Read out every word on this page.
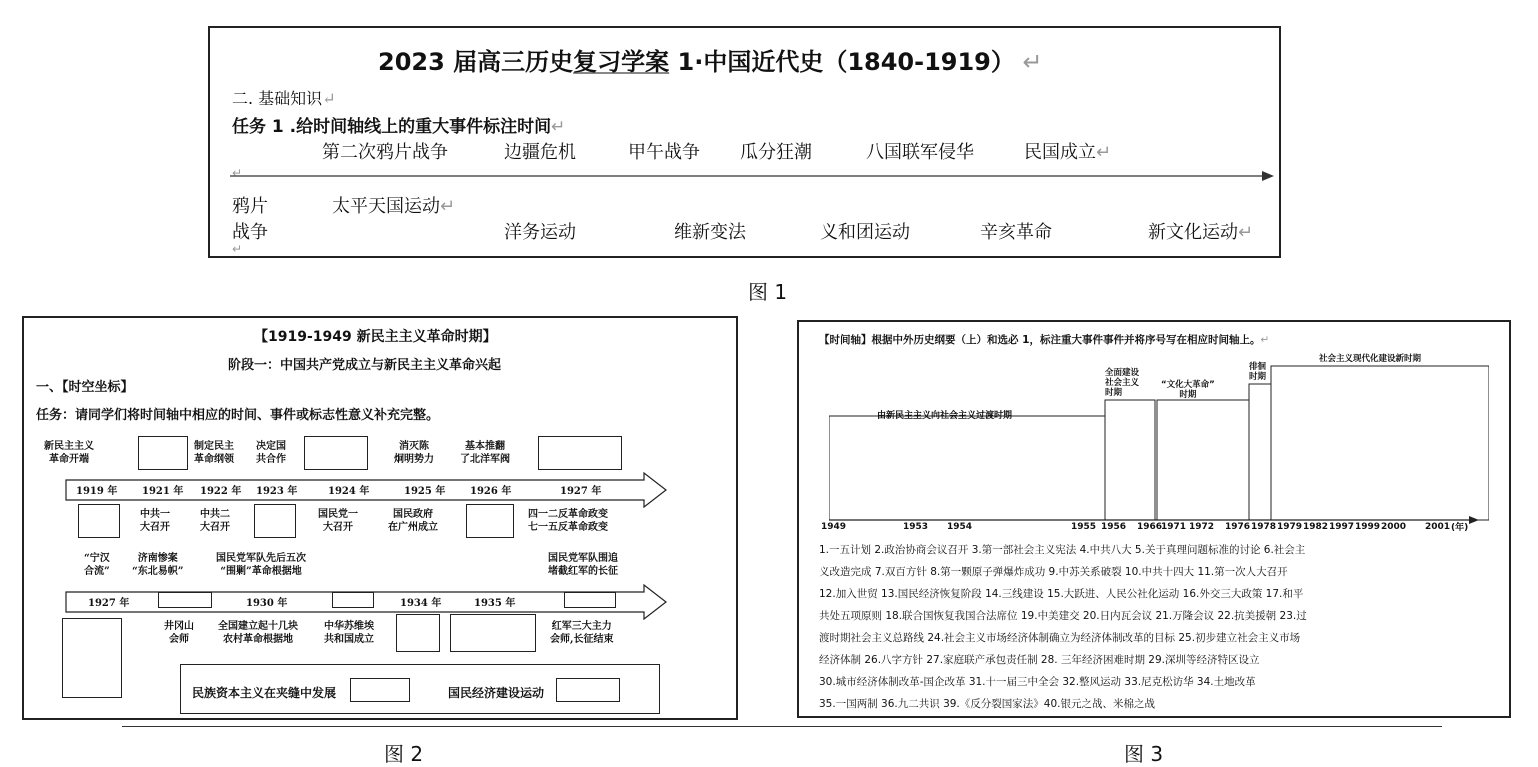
2023 届高三历史复习学案 1·中国近代史（1840-1919） ↵
二. 基础知识↵
任务 1 .给时间轴线上的重大事件标注时间↵
第二次鸦片战争	边疆危机	甲午战争 瓜分狂潮	八国联军侵华	民国成立↵
↵
鸦片	太平天国运动↵
战争	洋务运动	维新变法	义和团运动	辛亥革命	新文化运动↵
↵
图 1
【1919-1949 新民主主义革命时期】
阶段一：中国共产党成立与新民主主义革命兴起
一、【时空坐标】
任务：请同学们将时间轴中相应的时间、事件或标志性意义补充完整。
新民主主义
革命开端
制定民主
革命纲领
决定国
共合作
消灭陈
炯明势力
基本推翻
了北洋军阀
1919 年 1921 年 1922 年 1923 年	1924 年	1925 年 1926 年	1927 年
中共一
大召开
中共二
大召开
国民党一
大召开
国民政府
在广州成立
四一二反革命政变
七一五反革命政变
“宁汉
合流”
济南惨案
“东北易帜”
国民党军队先后五次
“围剿”革命根据地
国民党军队围追
堵截红军的长征
1927 年	1930 年	1934 年	1935 年
井冈山
会师
全国建立起十几块
农村革命根据地
中华苏维埃
共和国成立
红军三大主力
会师,长征结束
民族资本主义在夹缝中发展	国民经济建设运动
图 2
【时间轴】根据中外历史纲要（上）和选必 1，标注重大事件事件并将序号写在相应时间轴上。↵
由新民主主义向社会主义过渡时期
全面建设
社会主义
时期
“文化大革命”
时期
徘徊
时期
社会主义现代化建设新时期
1949	1953 1954	1955 1956 1966
1971 1972 1976 1978 1979 1982 1997 1999 2000 2001 (年)
1.一五计划 2.政治协商会议召开 3.第一部社会主义宪法 4.中共八大 5.关于真理问题标准的讨论 6.社会主
义改造完成 7.双百方针 8.第一颗原子弹爆炸成功 9.中苏关系破裂 10.中共十四大 11.第一次人大召开
12.加入世贸 13.国民经济恢复阶段 14.三线建设 15.大跃进、人民公社化运动 16.外交三大政策 17.和平
共处五项原则 18.联合国恢复我国合法席位 19.中美建交 20.日内瓦会议 21.万隆会议 22.抗美援朝 23.过
渡时期社会主义总路线 24.社会主义市场经济体制确立为经济体制改革的目标 25.初步建立社会主义市场
经济体制 26.八字方针 27.家庭联产承包责任制 28. 三年经济困难时期 29.深圳等经济特区设立
30.城市经济体制改革-国企改革 31.十一届三中全会 32.整风运动 33.尼克松访华 34.土地改革
35.一国两制 36.九二共识 39.《反分裂国家法》40.银元之战、米棉之战
图 3
